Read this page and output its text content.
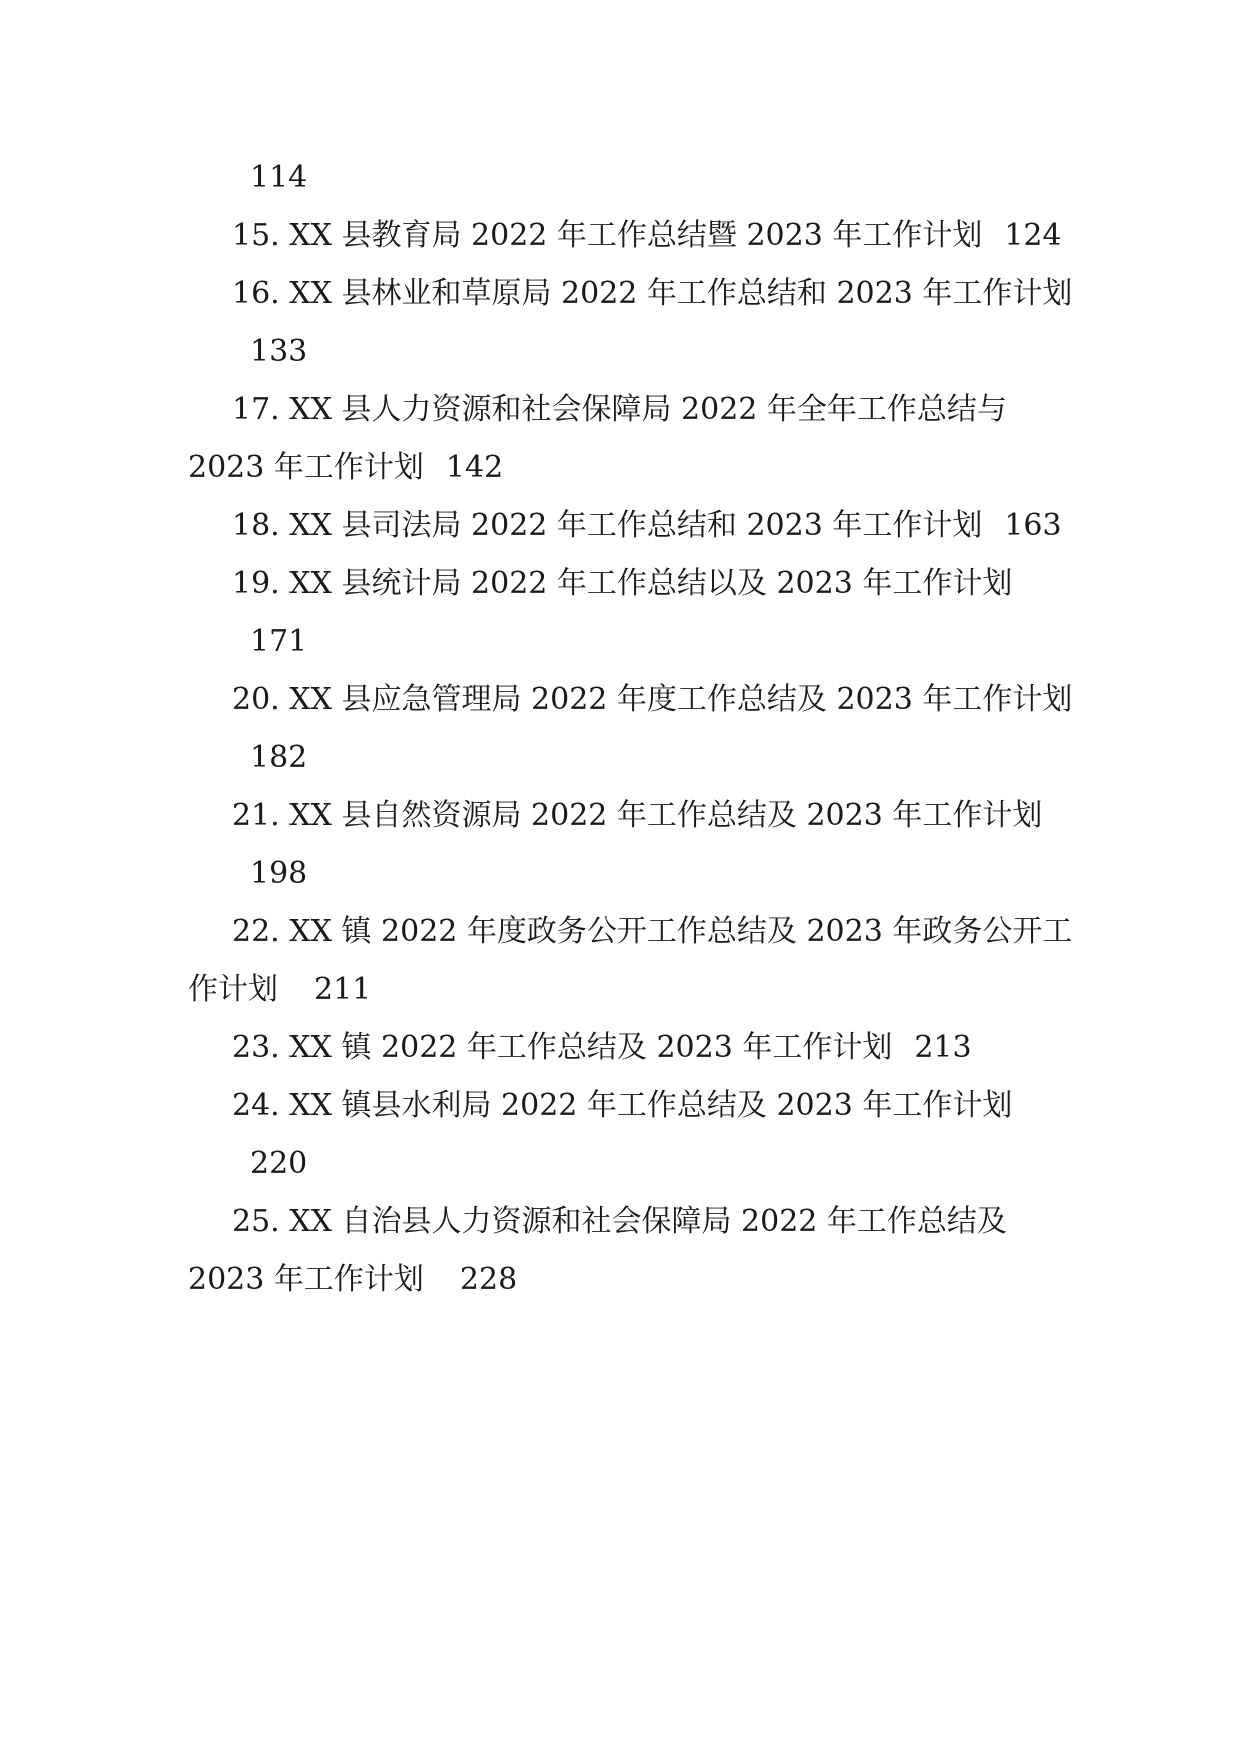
114
15. XX 县教育局 2022 年工作总结暨 2023 年工作计划 124
16. XX 县林业和草原局 2022 年工作总结和 2023 年工作计划
133
17. XX 县人力资源和社会保障局 2022 年全年工作总结与
2023 年工作计划 142
18. XX 县司法局 2022 年工作总结和 2023 年工作计划 163
19. XX 县统计局 2022 年工作总结以及 2023 年工作计划
171
20. XX 县应急管理局 2022 年度工作总结及 2023 年工作计划
182
21. XX 县自然资源局 2022 年工作总结及 2023 年工作计划
198
22. XX 镇 2022 年度政务公开工作总结及 2023 年政务公开工
作计划 211
23. XX 镇 2022 年工作总结及 2023 年工作计划 213
24. XX 镇县水利局 2022 年工作总结及 2023 年工作计划
220
25. XX 自治县人力资源和社会保障局 2022 年工作总结及
2023 年工作计划 228
